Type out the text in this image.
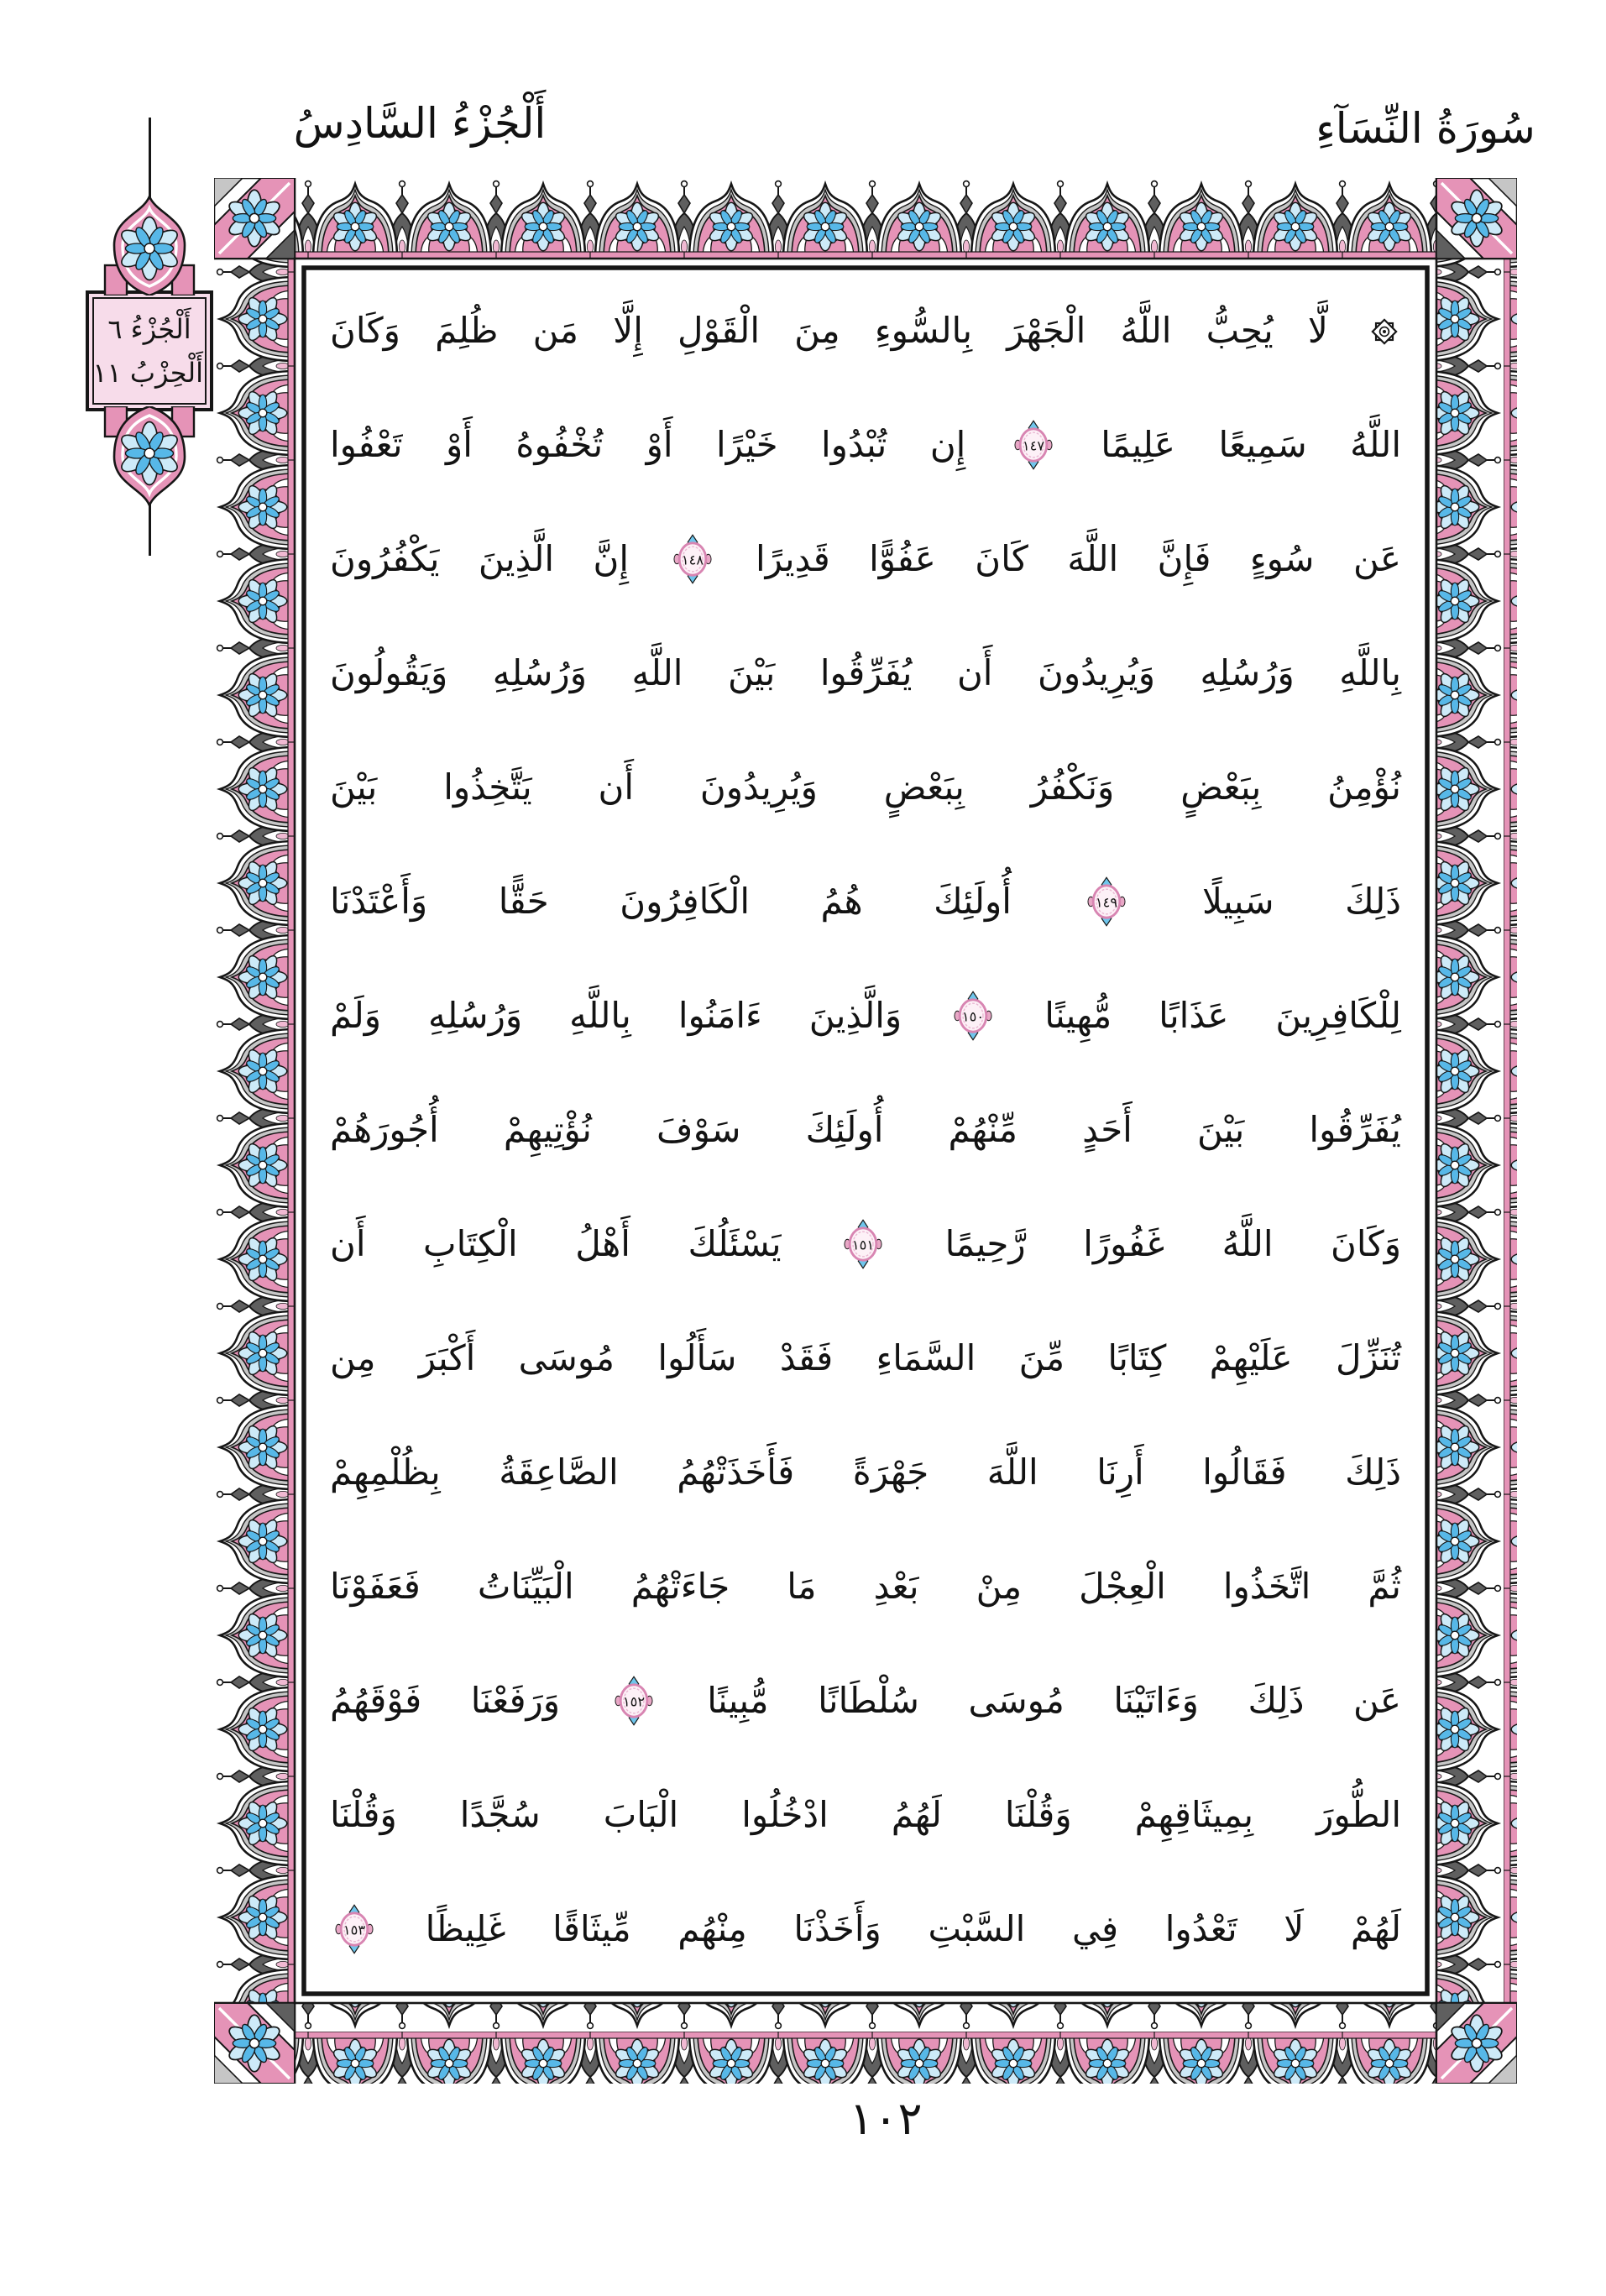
أَلْجُزْءُ السَّادِسُ	سُورَةُ النِّسَآءِ
أَلْجُزْءُ ٦
أَلْحِزْبُ ١١
لَّا يُحِبُّ اللَّهُ الْجَهْرَ بِالسُّوءِ مِنَ الْقَوْلِ إِلَّا مَن ظُلِمَ وَكَانَ
اللَّهُ سَمِيعًا عَلِيمًا
١٤٧
إِن تُبْدُوا خَيْرًا أَوْ تُخْفُوهُ أَوْ تَعْفُوا
عَن سُوءٍ فَإِنَّ اللَّهَ كَانَ عَفُوًّا قَدِيرًا
١٤٨
إِنَّ الَّذِينَ يَكْفُرُونَ
بِاللَّهِ وَرُسُلِهِ وَيُرِيدُونَ أَن يُفَرِّقُوا بَيْنَ اللَّهِ وَرُسُلِهِ وَيَقُولُونَ
نُؤْمِنُ بِبَعْضٍ وَنَكْفُرُ بِبَعْضٍ وَيُرِيدُونَ أَن يَتَّخِذُوا بَيْنَ
ذَلِكَ سَبِيلًا
١٤٩
أُولَئِكَ هُمُ الْكَافِرُونَ حَقًّا وَأَعْتَدْنَا
لِلْكَافِرِينَ عَذَابًا مُّهِينًا
١٥٠
وَالَّذِينَ ءَامَنُوا بِاللَّهِ وَرُسُلِهِ وَلَمْ
يُفَرِّقُوا بَيْنَ أَحَدٍ مِّنْهُمْ أُولَئِكَ سَوْفَ نُؤْتِيهِمْ أُجُورَهُمْ
وَكَانَ اللَّهُ غَفُورًا رَّحِيمًا
١٥١
يَسْئَلُكَ أَهْلُ الْكِتَابِ أَن
تُنَزِّلَ عَلَيْهِمْ كِتَابًا مِّنَ السَّمَاءِ فَقَدْ سَأَلُوا مُوسَى أَكْبَرَ مِن
ذَلِكَ فَقَالُوا أَرِنَا اللَّهَ جَهْرَةً فَأَخَذَتْهُمُ الصَّاعِقَةُ بِظُلْمِهِمْ
ثُمَّ اتَّخَذُوا الْعِجْلَ مِنْ بَعْدِ مَا جَاءَتْهُمُ الْبَيِّنَاتُ فَعَفَوْنَا
عَن ذَلِكَ وَءَاتَيْنَا مُوسَى سُلْطَانًا مُّبِينًا
١٥٢
وَرَفَعْنَا فَوْقَهُمُ
الطُّورَ بِمِيثَاقِهِمْ وَقُلْنَا لَهُمُ ادْخُلُوا الْبَابَ سُجَّدًا وَقُلْنَا
لَهُمْ لَا تَعْدُوا فِي السَّبْتِ وَأَخَذْنَا مِنْهُم مِّيثَاقًا غَلِيظًا
١٥٣
١٠٢
